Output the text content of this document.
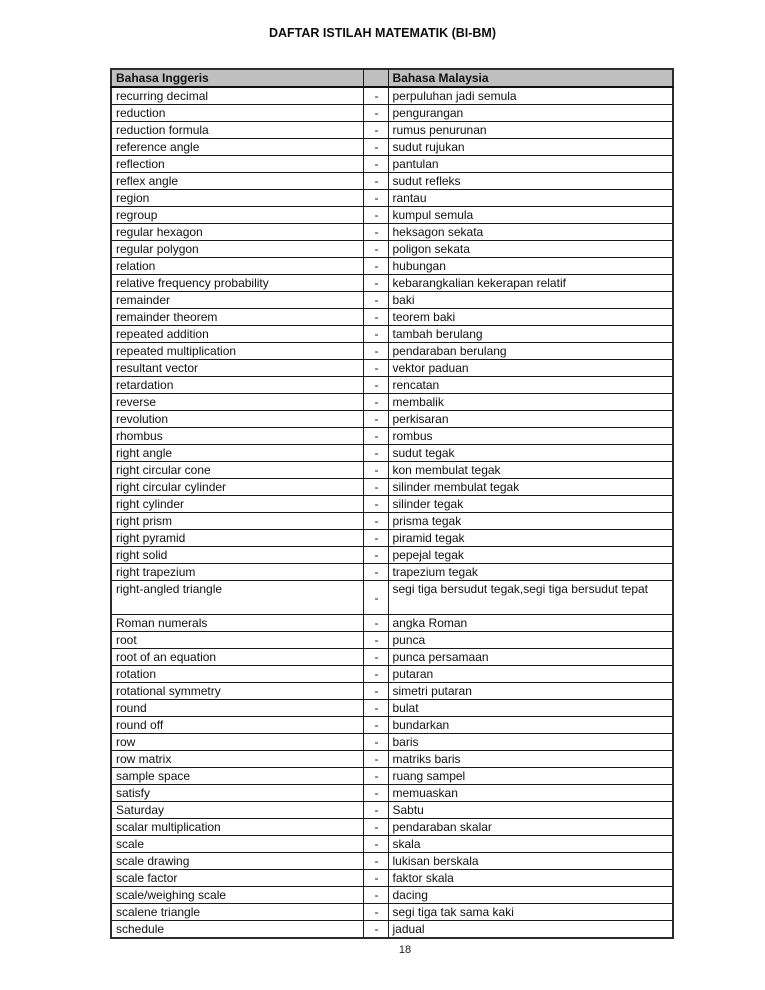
DAFTAR ISTILAH MATEMATIK (BI-BM)
Bahasa Inggeris		Bahasa Malaysia
recurring decimal	-	perpuluhan jadi semula
reduction	-	pengurangan
reduction formula	-	rumus penurunan
reference angle	-	sudut rujukan
reflection	-	pantulan
reflex angle	-	sudut refleks
region	-	rantau
regroup	-	kumpul semula
regular hexagon	-	heksagon sekata
regular polygon	-	poligon sekata
relation	-	hubungan
relative frequency probability	-	kebarangkalian kekerapan relatif
remainder	-	baki
remainder theorem	-	teorem baki
repeated addition	-	tambah berulang
repeated multiplication	-	pendaraban berulang
resultant vector	-	vektor paduan
retardation	-	rencatan
reverse	-	membalik
revolution	-	perkisaran
rhombus	-	rombus
right angle	-	sudut tegak
right circular cone	-	kon membulat tegak
right circular cylinder	-	silinder membulat tegak
right cylinder	-	silinder tegak
right prism	-	prisma tegak
right pyramid	-	piramid tegak
right solid	-	pepejal tegak
right trapezium	-	trapezium tegak
right-angled triangle	-	segi tiga bersudut tegak,segi tiga bersudut tepat
Roman numerals	-	angka Roman
root	-	punca
root of an equation	-	punca persamaan
rotation	-	putaran
rotational symmetry	-	simetri putaran
round	-	bulat
round off	-	bundarkan
row	-	baris
row matrix	-	matriks baris
sample space	-	ruang sampel
satisfy	-	memuaskan
Saturday	-	Sabtu
scalar multiplication	-	pendaraban skalar
scale	-	skala
scale drawing	-	lukisan berskala
scale factor	-	faktor skala
scale/weighing scale	-	dacing
scalene triangle	-	segi tiga tak sama kaki
schedule	-	jadual
18
